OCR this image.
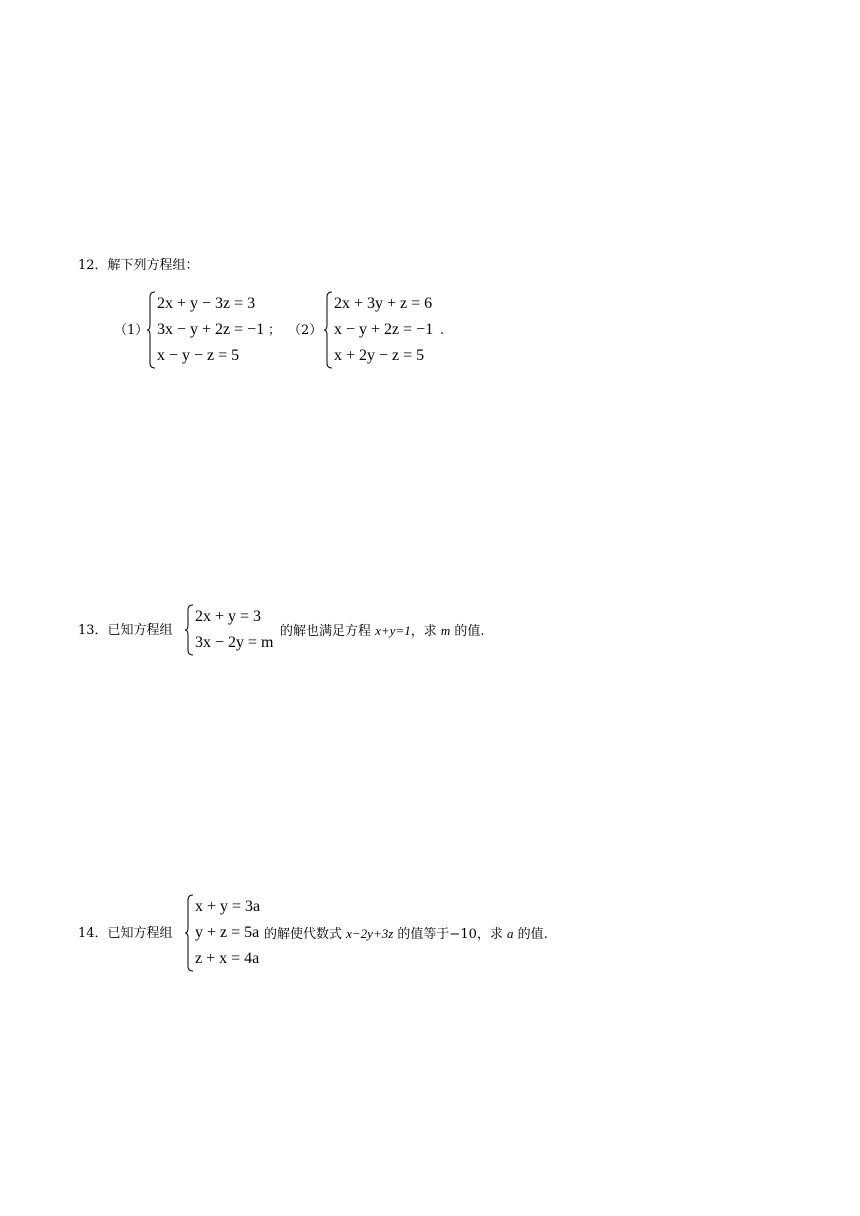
12．解下列方程组：
（1）
2x + y − 3z = 3
3x − y + 2z = −1
x − y − z = 5
； （2）
2x + 3y + z = 6
x − y + 2z = −1
x + 2y − z = 5
.
13．已知方程组
2x + y = 3
3x − 2y = m
的解也满足方程 x+y=1，求 m 的值.
14．已知方程组
x + y = 3a
y + z = 5a
z + x = 4a
的解使代数式 x−2y+3z 的值等于−10，求 a 的值.
